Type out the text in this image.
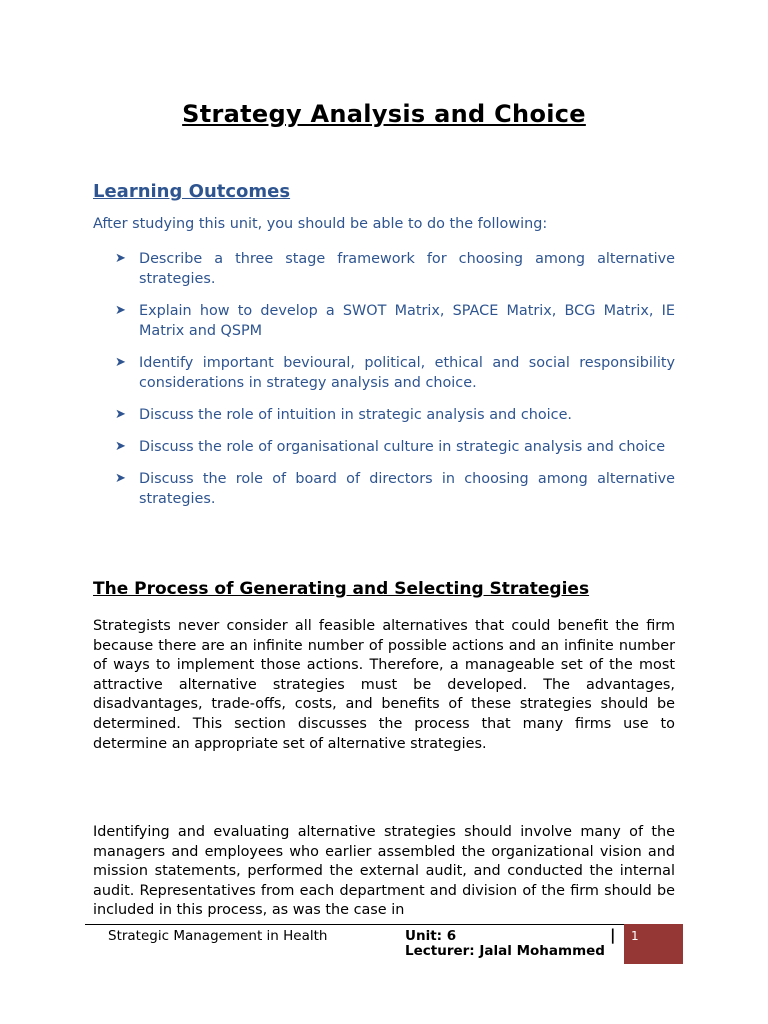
Strategy Analysis and Choice
Learning Outcomes
After studying this unit, you should be able to do the following:
➤ Describe a three stage framework for choosing among alternative strategies.
➤ Explain how to develop a SWOT Matrix, SPACE Matrix, BCG Matrix, IE Matrix and QSPM
➤ Identify important bevioural, political, ethical and social responsibility considerations in strategy analysis and choice.
➤ Discuss the role of intuition in strategic analysis and choice.
➤ Discuss the role of organisational culture in strategic analysis and choice
➤ Discuss the role of board of directors in choosing among alternative strategies.
The Process of Generating and Selecting Strategies

Strategists never consider all feasible alternatives that could benefit the firm because there are an infinite number of possible actions and an infinite number of ways to implement those actions. Therefore, a manageable set of the most attractive alternative strategies must be developed. The advantages, disadvantages, trade-offs, costs, and benefits of these strategies should be determined. This section discusses the process that many firms use to determine an appropriate set of alternative strategies.

Identifying and evaluating alternative strategies should involve many of the managers and employees who earlier assembled the organizational vision and mission statements, performed the external audit, and conducted the internal audit. Representatives from each department and division of the firm should be included in this process, as was the case in

Strategic Management in Health	Unit: 6	|
Lecturer: Jalal Mohammed
1
